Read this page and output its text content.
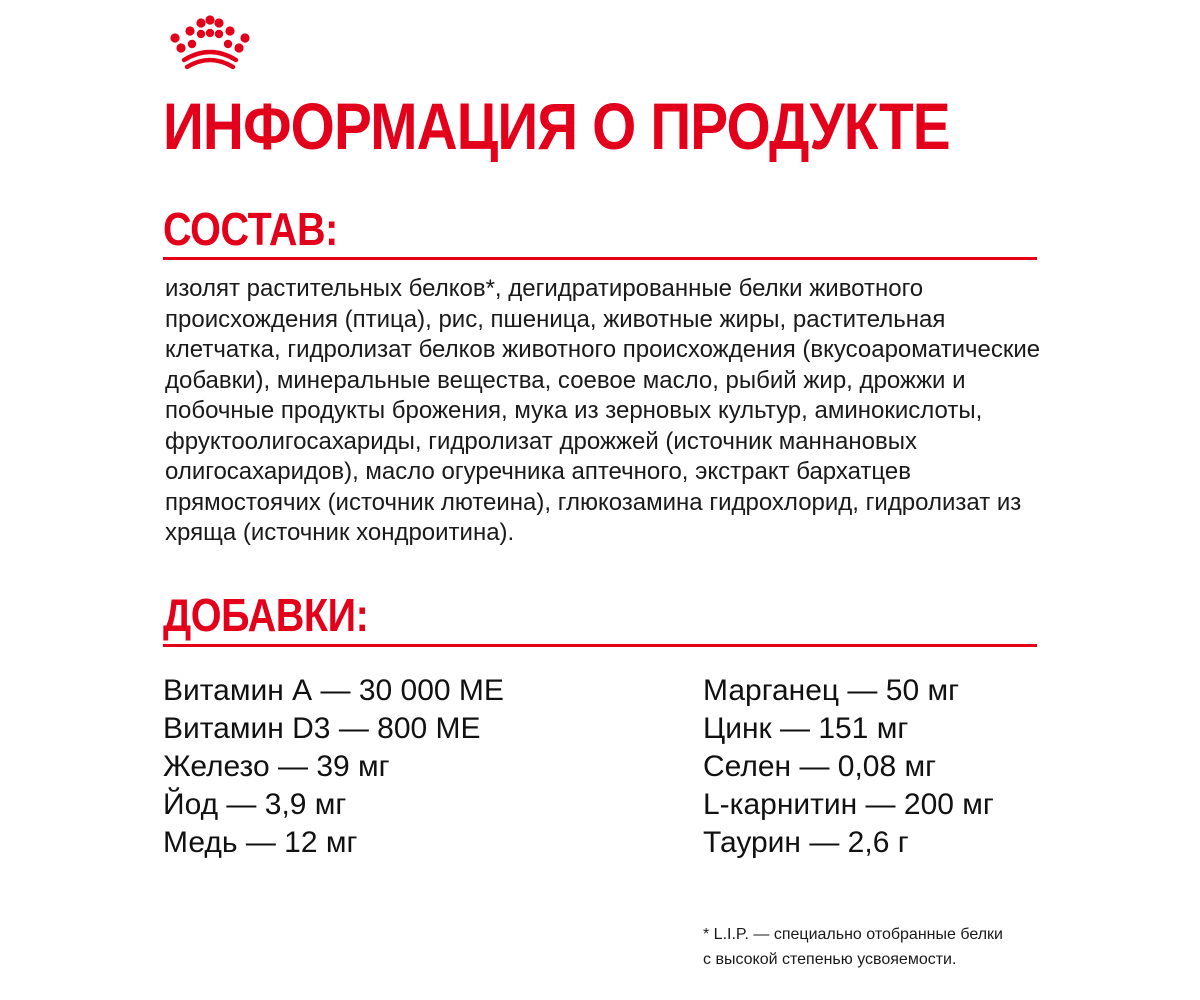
ИНФОРМАЦИЯ О ПРОДУКТЕ
СОСТАВ:

изолят растительных белков*, дегидратированные белки животного происхождения (птица), рис, пшеница, животные жиры, растительная клетчатка, гидролизат белков животного происхождения (вкусоароматические добавки), минеральные вещества, соевое масло, рыбий жир, дрожжи и побочные продукты брожения, мука из зерновых культур, аминокислоты, фруктоолигосахариды, гидролизат дрожжей (источник маннановых олигосахаридов), масло огуречника аптечного, экстракт бархатцев прямостоячих (источник лютеина), глюкозамина гидрохлорид, гидролизат из хряща (источник хондроитина).

ДОБАВКИ:
Витамин А — 30 000 МЕ
Витамин D3 — 800 МЕ
Железо — 39 мг
Йод — 3,9 мг
Медь — 12 мг
Марганец — 50 мг
Цинк — 151 мг
Селен — 0,08 мг
L-карнитин — 200 мг
Таурин — 2,6 г

* L.I.P. — специально отобранные белки
с высокой степенью усвояемости.
